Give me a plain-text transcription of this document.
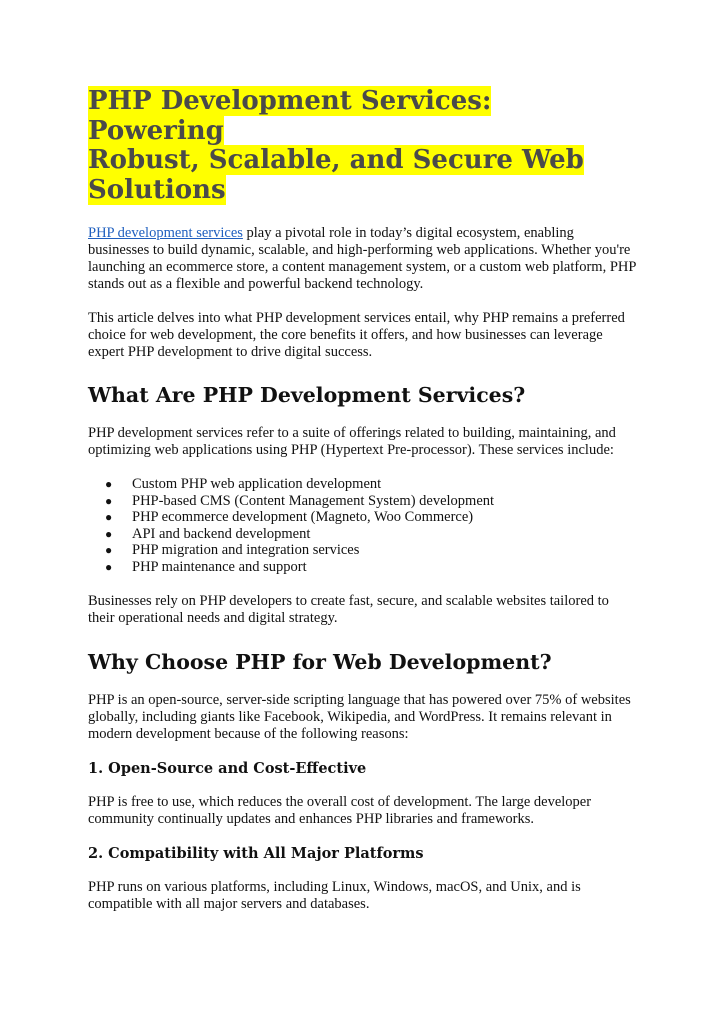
PHP Development Services: Powering
Robust, Scalable, and Secure Web
Solutions

PHP development services play a pivotal role in today’s digital ecosystem, enabling businesses to build dynamic, scalable, and high-performing web applications. Whether you're launching an ecommerce store, a content management system, or a custom web platform, PHP stands out as a flexible and powerful backend technology.

This article delves into what PHP development services entail, why PHP remains a preferred choice for web development, the core benefits it offers, and how businesses can leverage expert PHP development to drive digital success.

What Are PHP Development Services?

PHP development services refer to a suite of offerings related to building, maintaining, and optimizing web applications using PHP (Hypertext Pre-processor). These services include:

● Custom PHP web application development
● PHP-based CMS (Content Management System) development
● PHP ecommerce development (Magneto, Woo Commerce)
● API and backend development
● PHP migration and integration services
● PHP maintenance and support

Businesses rely on PHP developers to create fast, secure, and scalable websites tailored to their operational needs and digital strategy.

Why Choose PHP for Web Development?

PHP is an open-source, server-side scripting language that has powered over 75% of websites globally, including giants like Facebook, Wikipedia, and WordPress. It remains relevant in modern development because of the following reasons:

1. Open-Source and Cost-Effective

PHP is free to use, which reduces the overall cost of development. The large developer community continually updates and enhances PHP libraries and frameworks.

2. Compatibility with All Major Platforms

PHP runs on various platforms, including Linux, Windows, macOS, and Unix, and is compatible with all major servers and databases.
